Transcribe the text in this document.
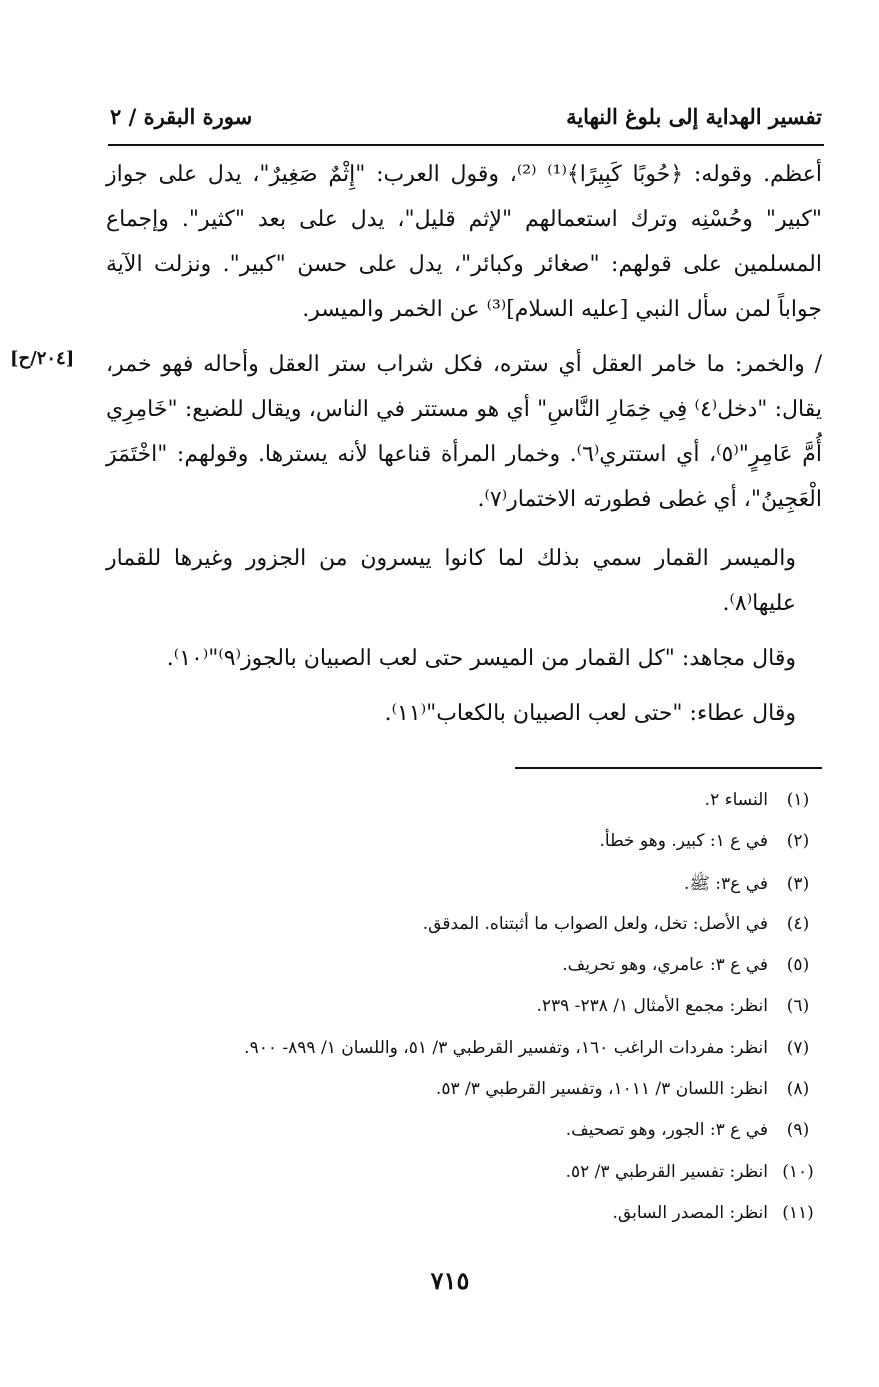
تفسير الهداية إلى بلوغ النهاية
سورة البقرة / ٢

أعظم. وقوله: ﴿حُوبًا كَبِيرًا﴾⁽¹⁾ ⁽²⁾، وقول العرب: "إِثْمٌ صَغِيرٌ"، يدل على جواز "كبير" وحُسْنِه وترك استعمالهم "لإثم قليل"، يدل على بعد "كثير". وإجماع المسلمين على قولهم: "صغائر وكبائر"، يدل على حسن "كبير". ونزلت الآية جواباً لمن سأل النبي [عليه السلام]⁽³⁾ عن الخمر والميسر.

/ والخمر: ما خامر العقل أي ستره، فكل شراب ستر العقل وأحاله فهو خمر، يقال: "دخل⁽٤⁾ فِي خِمَارِ النَّاسِ" أي هو مستتر في الناس، ويقال للضبع: "خَامِرِي أُمَّ عَامِرٍ"⁽٥⁾، أي استتري⁽٦⁾. وخمار المرأة قناعها لأنه يسترها. وقولهم: "اخْتَمَرَ الْعَجِينُ"، أي غطى فطورته الاختمار⁽٧⁾.

والميسر القمار سمي بذلك لما كانوا ييسرون من الجزور وغيرها للقمار عليها⁽٨⁾.

وقال مجاهد: "كل القمار من الميسر حتى لعب الصبيان بالجوز⁽٩⁾"⁽١٠⁾.

وقال عطاء: "حتى لعب الصبيان بالكعاب"⁽١١⁾.

[٢٠٤/ح]
(١)
النساء ٢.
(٢)
في ع ١: كبير. وهو خطأ.
(٣)
في ع٣: ﷺ.
(٤)
في الأصل: تخل، ولعل الصواب ما أثبتناه. المدقق.
(٥)
في ع ٣: عامري، وهو تحريف.
(٦)
انظر: مجمع الأمثال ١/ ٢٣٨- ٢٣٩.
(٧)
انظر: مفردات الراغب ١٦٠، وتفسير القرطبي ٣/ ٥١، واللسان ١/ ٨٩٩- ٩٠٠.
(٨)
انظر: اللسان ٣/ ١٠١١، وتفسير القرطبي ٣/ ٥٣.
(٩)
في ع ٣: الجور، وهو تصحيف.
(١٠)
انظر: تفسير القرطبي ٣/ ٥٢.
(١١)
انظر: المصدر السابق.
٧١٥
